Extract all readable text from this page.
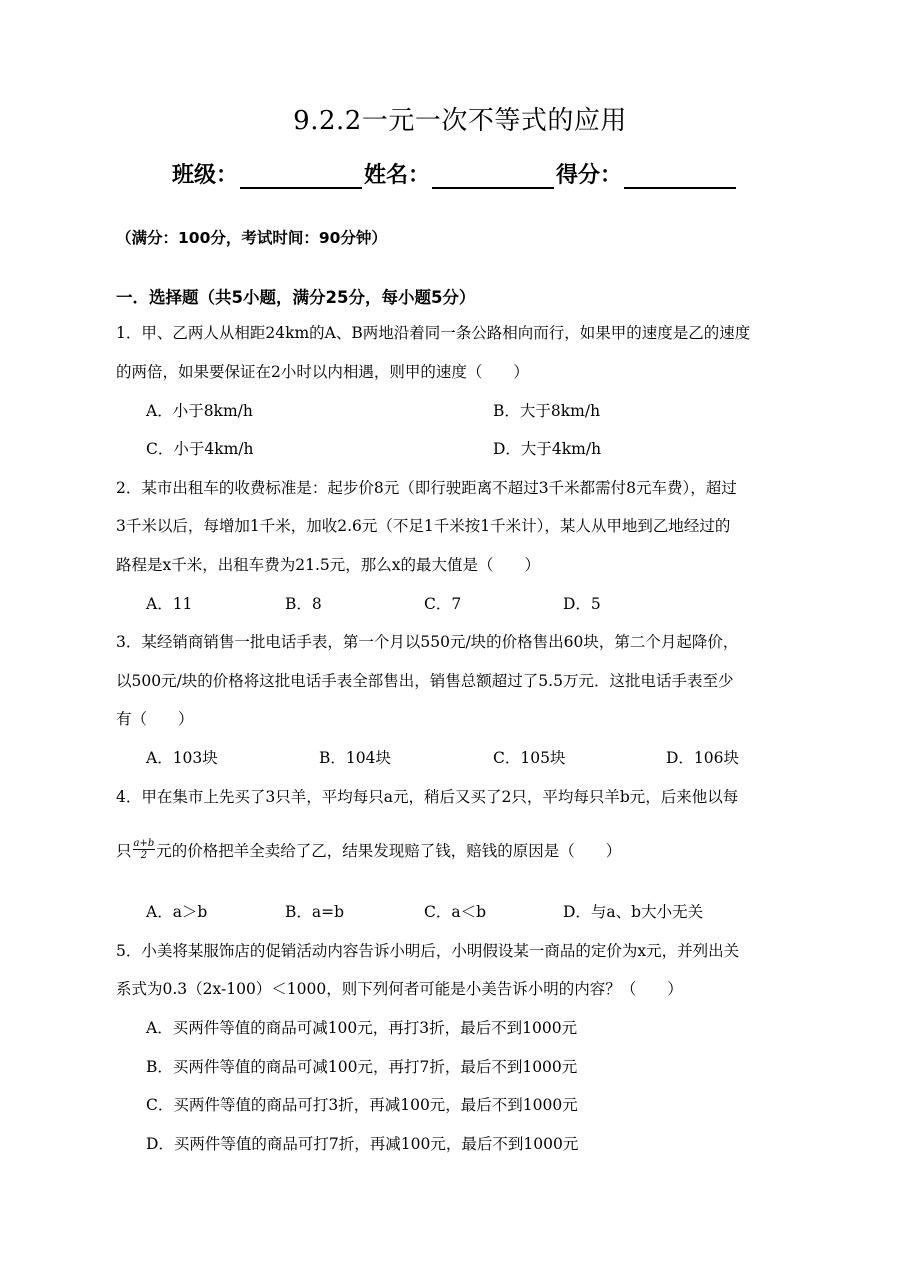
9.2.2一元一次不等式的应用
班级：	姓名：	得分：
（满分：100分，考试时间：90分钟）
一．选择题（共5小题，满分25分，每小题5分）
1．甲、乙两人从相距24km的A、B两地沿着同一条公路相向而行，如果甲的速度是乙的速度
的两倍，如果要保证在2小时以内相遇，则甲的速度（　　）
A．小于8km/h	B．大于8km/h
C．小于4km/h	D．大于4km/h
2．某市出租车的收费标准是：起步价8元（即行驶距离不超过3千米都需付8元车费），超过
3千米以后，每增加1千米，加收2.6元（不足1千米按1千米计），某人从甲地到乙地经过的
路程是x千米，出租车费为21.5元，那么x的最大值是（　　）
A．11	B．8	C．7	D．5
3．某经销商销售一批电话手表，第一个月以550元/块的价格售出60块，第二个月起降价，
以500元/块的价格将这批电话手表全部售出，销售总额超过了5.5万元．这批电话手表至少
有（　　）
A．103块	B．104块	C．105块	D．106块
4．甲在集市上先买了3只羊，平均每只a元，稍后又买了2只，平均每只羊b元，后来他以每
只 $\frac{a+b}{2}$ 元的价格把羊全卖给了乙，结果发现赔了钱，赔钱的原因是（　　）
A．a＞b	B．a=b	C．a＜b	D．与a、b大小无关
5．小美将某服饰店的促销活动内容告诉小明后，小明假设某一商品的定价为x元，并列出关
系式为0.3（2x-100）＜1000，则下列何者可能是小美告诉小明的内容？（　　）
A．买两件等值的商品可减100元，再打3折，最后不到1000元
B．买两件等值的商品可减100元，再打7折，最后不到1000元
C．买两件等值的商品可打3折，再减100元，最后不到1000元
D．买两件等值的商品可打7折，再减100元，最后不到1000元
